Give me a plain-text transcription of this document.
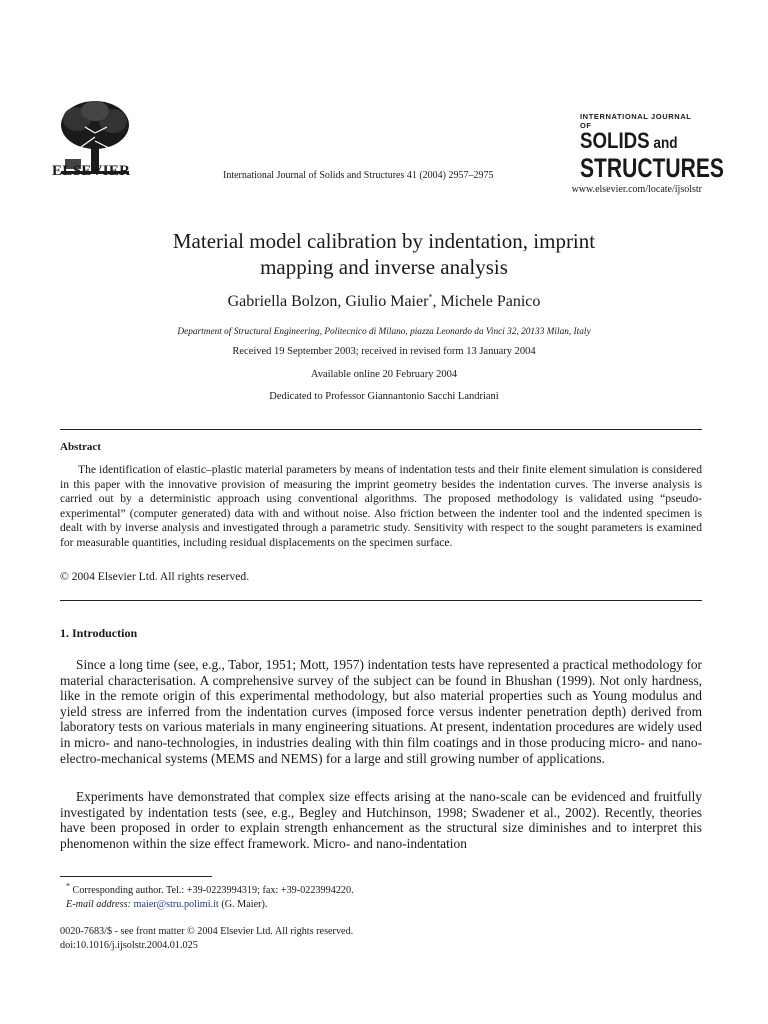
ELSEVIER	International Journal of Solids and Structures 41 (2004) 2957–2975
INTERNATIONAL JOURNAL OF
SOLIDS and
STRUCTURES
www.elsevier.com/locate/ijsolstr
Material model calibration by indentation, imprint
mapping and inverse analysis
Gabriella Bolzon, Giulio Maier*, Michele Panico
Department of Structural Engineering, Politecnico di Milano, piazza Leonardo da Vinci 32, 20133 Milan, Italy
Received 19 September 2003; received in revised form 13 January 2004
Available online 20 February 2004
Dedicated to Professor Giannantonio Sacchi Landriani
Abstract
The identification of elastic–plastic material parameters by means of indentation tests and their finite element simulation is considered in this paper with the innovative provision of measuring the imprint geometry besides the indentation curves. The inverse analysis is carried out by a deterministic approach using conventional algorithms. The proposed methodology is validated using “pseudo-experimental” (computer generated) data with and without noise. Also friction between the indenter tool and the indented specimen is dealt with by inverse analysis and investigated through a parametric study. Sensitivity with respect to the sought parameters is examined for measurable quantities, including residual displacements on the specimen surface.
© 2004 Elsevier Ltd. All rights reserved.
1. Introduction
Since a long time (see, e.g., Tabor, 1951; Mott, 1957) indentation tests have represented a practical methodology for material characterisation. A comprehensive survey of the subject can be found in Bhushan (1999). Not only hardness, like in the remote origin of this experimental methodology, but also material properties such as Young modulus and yield stress are inferred from the indentation curves (imposed force versus indenter penetration depth) derived from laboratory tests on various materials in many engineering situations. At present, indentation procedures are widely used in micro- and nano-technologies, in industries dealing with thin film coatings and in those producing micro- and nano-electro-mechanical systems (MEMS and NEMS) for a large and still growing number of applications.
Experiments have demonstrated that complex size effects arising at the nano-scale can be evidenced and fruitfully investigated by indentation tests (see, e.g., Begley and Hutchinson, 1998; Swadener et al., 2002). Recently, theories have been proposed in order to explain strength enhancement as the structural size diminishes and to interpret this phenomenon within the size effect framework. Micro- and nano-indentation
* Corresponding author. Tel.: +39-0223994319; fax: +39-0223994220.
E-mail address: maier@stru.polimi.it (G. Maier).
0020-7683/$ - see front matter © 2004 Elsevier Ltd. All rights reserved.
doi:10.1016/j.ijsolstr.2004.01.025
